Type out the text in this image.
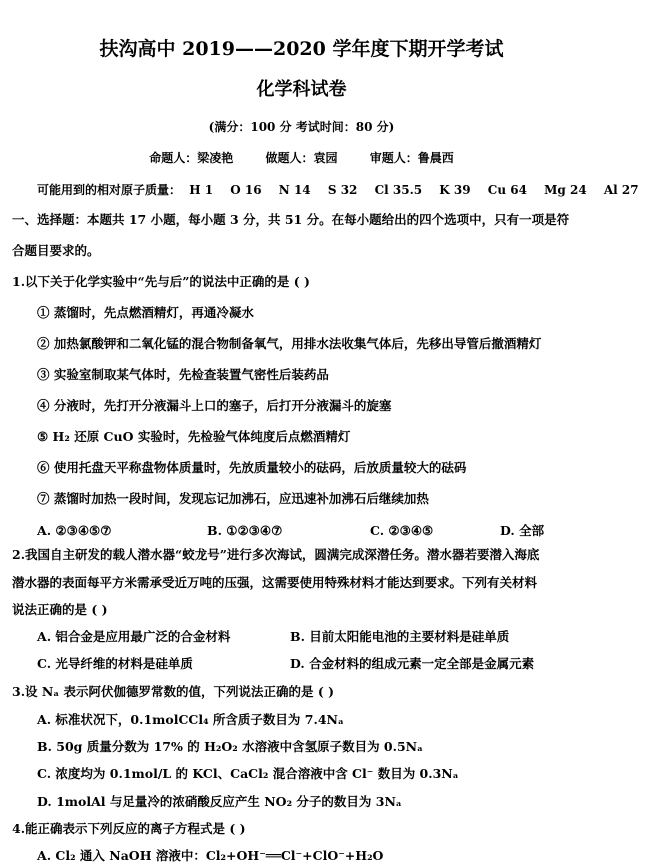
扶沟高中 2019——2020 学年度下期开学考试
化学科试卷
(满分：100 分 考试时间：80 分)
命题人：梁凌艳	做题人：袁园	审题人：鲁晨西
可能用到的相对原子质量： H 1 O 16 N 14 S 32 Cl 35.5 K 39 Cu 64 Mg 24 Al 27
一、选择题：本题共 17 小题，每小题 3 分，共 51 分。在每小题给出的四个选项中，只有一项是符
合题目要求的。
1.以下关于化学实验中“先与后”的说法中正确的是 ( )
① 蒸馏时，先点燃酒精灯，再通冷凝水
② 加热氯酸钾和二氧化锰的混合物制备氧气，用排水法收集气体后，先移出导管后撤酒精灯
③ 实验室制取某气体时，先检查装置气密性后装药品
④ 分液时，先打开分液漏斗上口的塞子，后打开分液漏斗的旋塞
⑤ H₂ 还原 CuO 实验时，先检验气体纯度后点燃酒精灯
⑥ 使用托盘天平称盘物体质量时，先放质量较小的砝码，后放质量较大的砝码
⑦ 蒸馏时加热一段时间，发现忘记加沸石，应迅速补加沸石后继续加热
A. ②③④⑤⑦	B. ①②③④⑦	C. ②③④⑤	D. 全部
2.我国自主研发的载人潜水器“蛟龙号”进行多次海试，圆满完成深潜任务。潜水器若要潜入海底
潜水器的表面每平方米需承受近万吨的压强，这需要使用特殊材料才能达到要求。下列有关材料
说法正确的是 ( )
A. 铝合金是应用最广泛的合金材料	B. 目前太阳能电池的主要材料是硅单质
C. 光导纤维的材料是硅单质	D. 合金材料的组成元素一定全部是金属元素
3.设 Nₐ 表示阿伏伽德罗常数的值，下列说法正确的是 ( )
A. 标准状况下，0.1molCCl₄ 所含质子数目为 7.4Nₐ
B. 50g 质量分数为 17% 的 H₂O₂ 水溶液中含氢原子数目为 0.5Nₐ
C. 浓度均为 0.1mol/L 的 KCl、CaCl₂ 混合溶液中含 Cl⁻ 数目为 0.3Nₐ
D. 1molAl 与足量冷的浓硝酸反应产生 NO₂ 分子的数目为 3Nₐ
4.能正确表示下列反应的离子方程式是 ( )
A. Cl₂ 通入 NaOH 溶液中：Cl₂+OH⁻══Cl⁻+ClO⁻+H₂O
